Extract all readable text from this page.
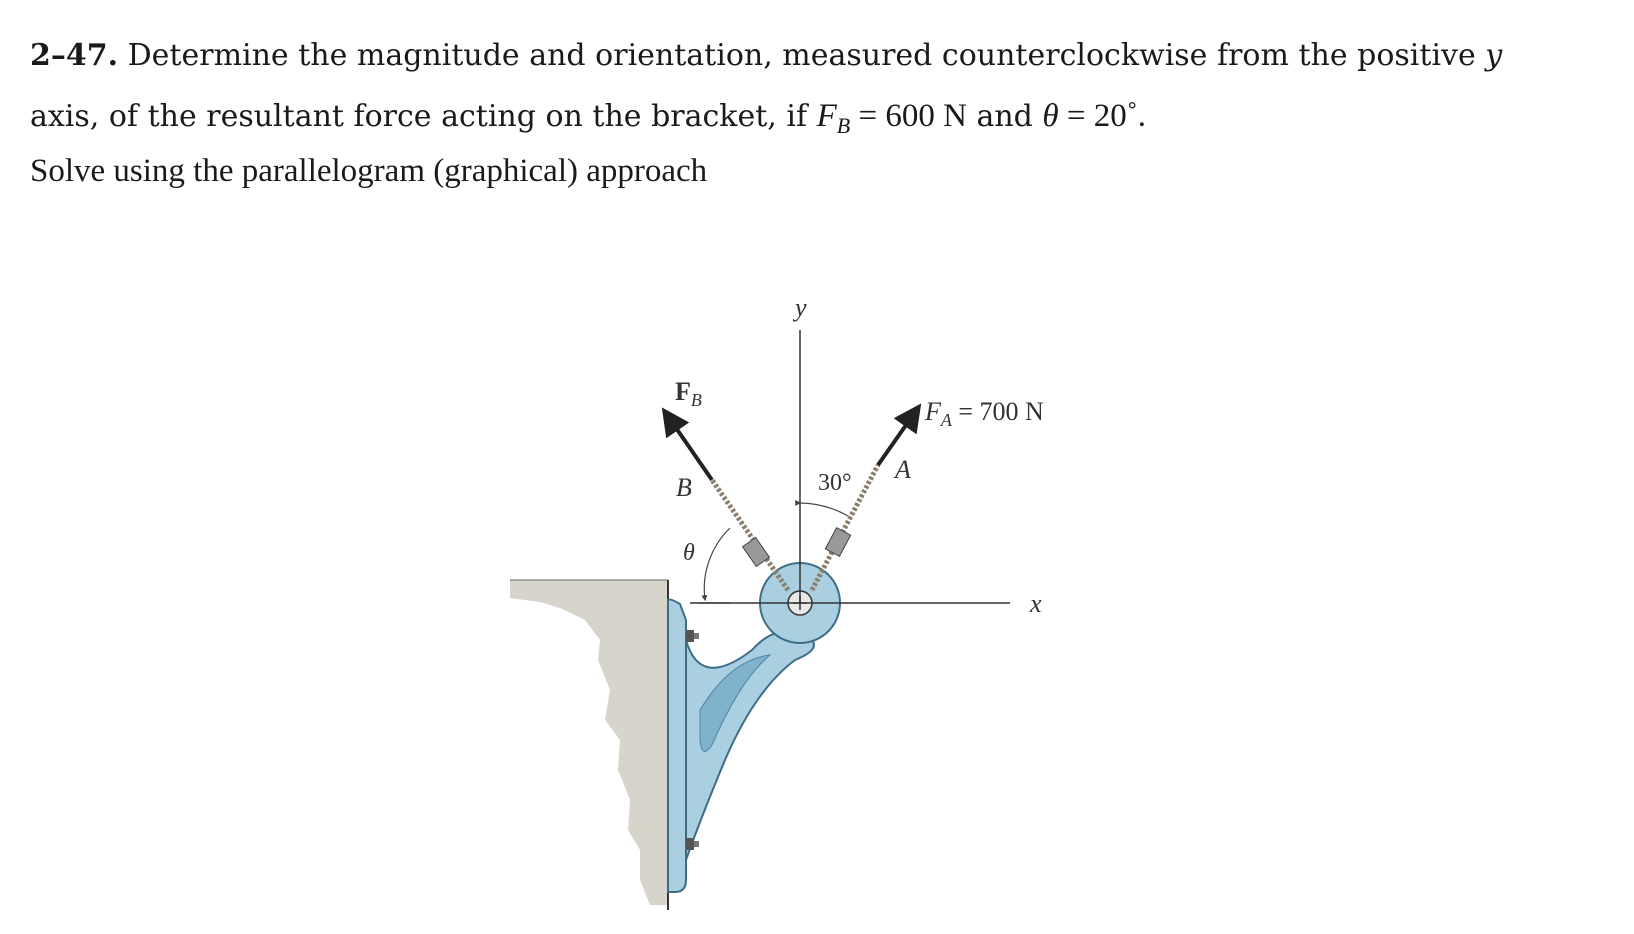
2–47. Determine the magnitude and orientation, measured counterclockwise from the positive y
axis, of the resultant force acting on the bracket, if $F_B = 600$ N and θ = 20˚.
Solve using the parallelogram (graphical) approach
y
x
$F_B$
B
θ
30° A
$F_A = 700$ N
